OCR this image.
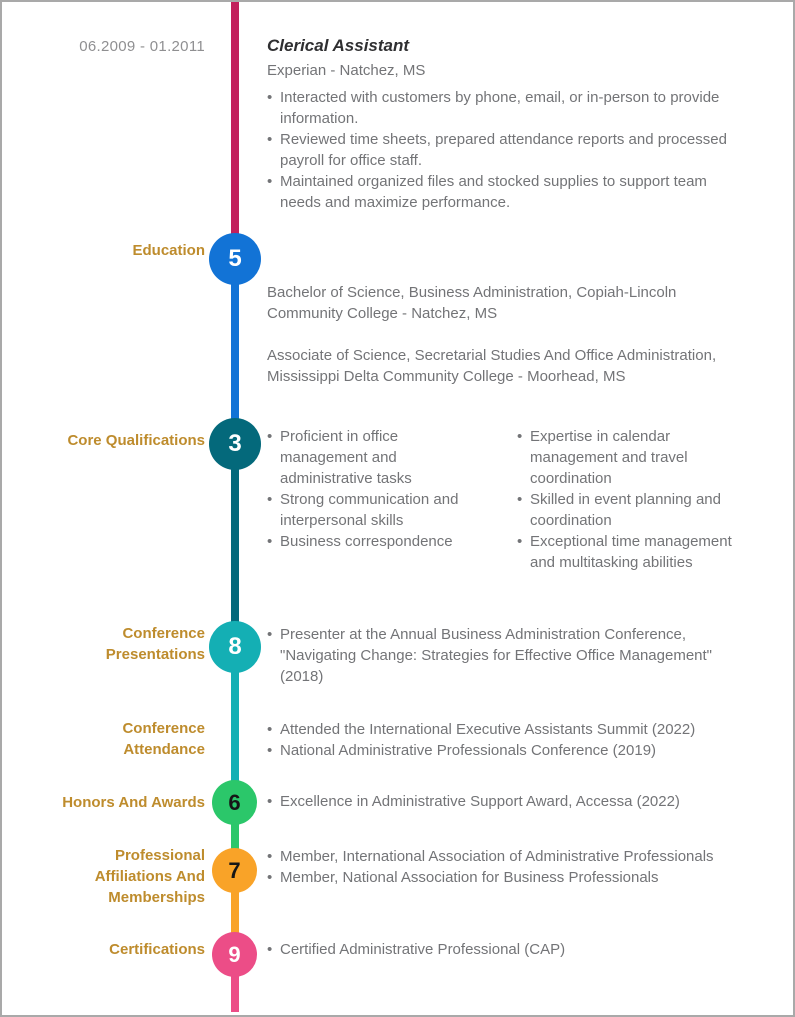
06.2009 - 01.2011	Clerical Assistant
Experian - Natchez, MS
• Interacted with customers by phone, email, or in-person to provide information.
• Reviewed time sheets, prepared attendance reports and processed payroll for office staff.
• Maintained organized files and stocked supplies to support team needs and maximize performance.
Education 5
Bachelor of Science, Business Administration, Copiah-Lincoln Community College - Natchez, MS
Associate of Science, Secretarial Studies And Office Administration, Mississippi Delta Community College - Moorhead, MS
Core Qualifications 3	• Proficient in office management and administrative tasks
• Strong communication and interpersonal skills
• Business correspondence
• Expertise in calendar management and travel coordination
• Skilled in event planning and coordination
• Exceptional time management and multitasking abilities
Conference Presentations 8	• Presenter at the Annual Business Administration Conference, "Navigating Change: Strategies for Effective Office Management" (2018)
Conference Attendance
• Attended the International Executive Assistants Summit (2022)
• National Administrative Professionals Conference (2019)
Honors And Awards 6	• Excellence in Administrative Support Award, Accessa (2022)
Professional Affiliations And Memberships
7
• Member, International Association of Administrative Professionals
• Member, National Association for Business Professionals
Certifications 9	• Certified Administrative Professional (CAP)
